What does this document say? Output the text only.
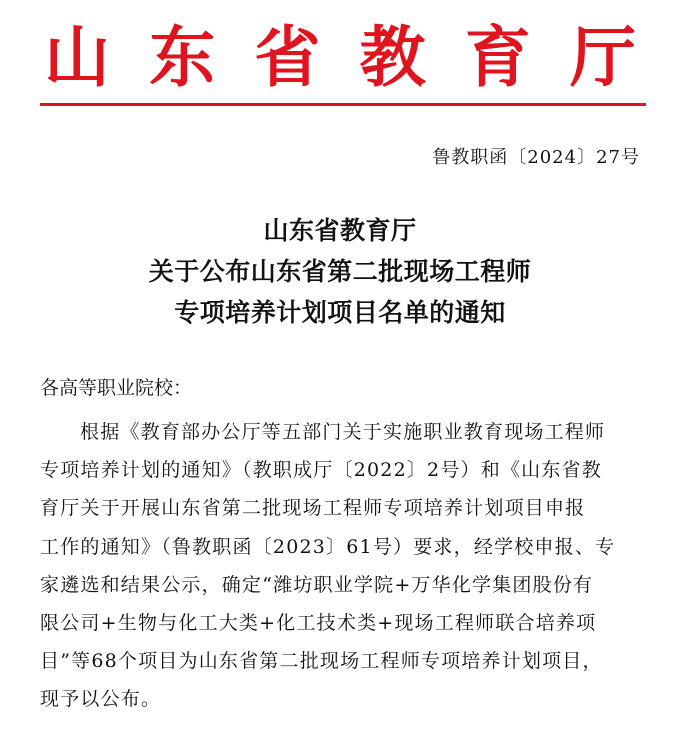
山 东 省 教 育 厅
鲁教职函〔2024〕27号
山东省教育厅
关于公布山东省第二批现场工程师
专项培养计划项目名单的通知
各高等职业院校：
根据《教育部办公厅等五部门关于实施职业教育现场工程师
专项培养计划的通知》（教职成厅〔2022〕2号）和《山东省教
育厅关于开展山东省第二批现场工程师专项培养计划项目申报
工作的通知》（鲁教职函〔2023〕61号）要求，经学校申报、专
家遴选和结果公示，确定“潍坊职业学院+万华化学集团股份有
限公司+生物与化工大类+化工技术类+现场工程师联合培养项
目”等68个项目为山东省第二批现场工程师专项培养计划项目，
现予以公布。
